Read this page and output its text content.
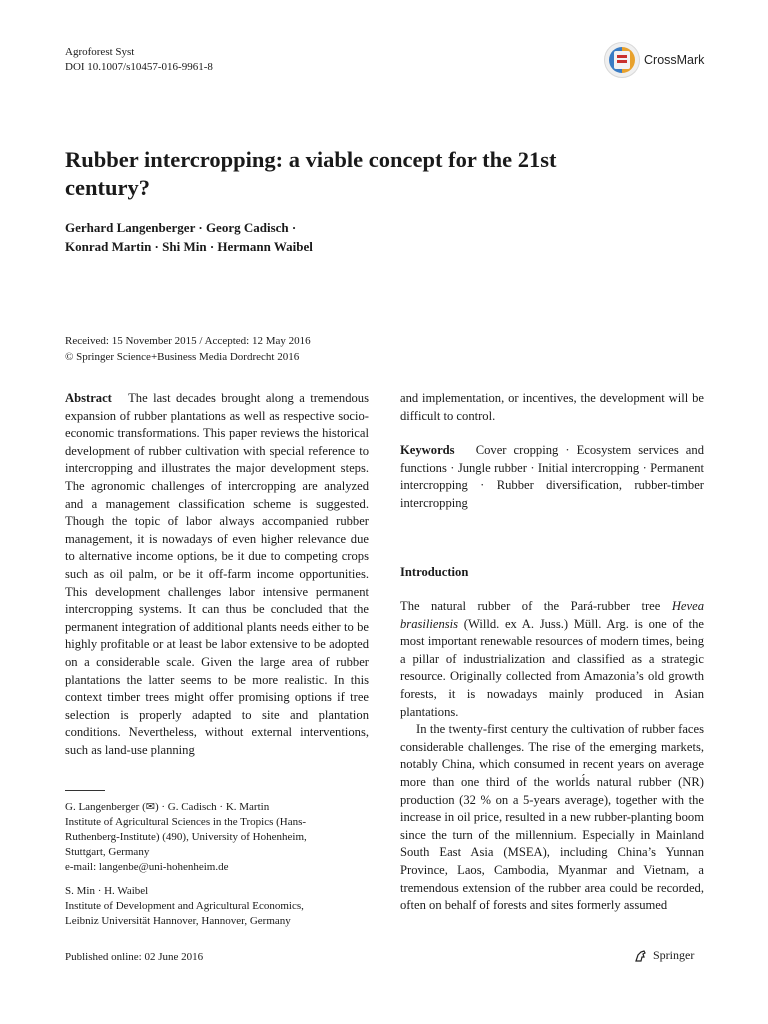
Agroforest Syst
DOI 10.1007/s10457-016-9961-8	CrossMark
Rubber intercropping: a viable concept for the 21st
century?
Gerhard Langenberger · Georg Cadisch ·
Konrad Martin · Shi Min · Hermann Waibel
Received: 15 November 2015 / Accepted: 12 May 2016
© Springer Science+Business Media Dordrecht 2016

Abstract The last decades brought along a tremendous expansion of rubber plantations as well as respective socio-economic transformations. This paper reviews the historical development of rubber cultivation with special reference to intercropping and illustrates the major development steps. The agronomic challenges of intercropping are analyzed and a management classification scheme is suggested. Though the topic of labor always accompanied rubber management, it is nowadays of even higher relevance due to alternative income options, be it due to competing crops such as oil palm, or be it off-farm income opportunities. This development challenges labor intensive permanent intercropping systems. It can thus be concluded that the permanent integration of additional plants needs either to be highly profitable or at least be labor extensive to be adopted on a considerable scale. Given the large area of rubber plantations the latter seems to be more realistic. In this context timber trees might offer promising options if tree selection is properly adapted to site and plantation conditions. Nevertheless, without external interventions, such as land-use planning

and implementation, or incentives, the development will be difficult to control.

Keywords Cover cropping · Ecosystem services and functions · Jungle rubber · Initial intercropping · Permanent intercropping · Rubber diversification, rubber-timber intercropping

Introduction

The natural rubber of the Pará-rubber tree Hevea brasiliensis (Willd. ex A. Juss.) Müll. Arg. is one of the most important renewable resources of modern times, being a pillar of industrialization and classified as a strategic resource. Originally collected from Amazonia’s old growth forests, it is nowadays mainly produced in Asian plantations.

In the twenty-first century the cultivation of rubber faces considerable challenges. The rise of the emerging markets, notably China, which consumed in recent years on average more than one third of the world́s natural rubber (NR) production (32 % on a 5-years average), together with the increase in oil price, resulted in a new rubber-planting boom since the turn of the millennium. Especially in Mainland South East Asia (MSEA), including China’s Yunnan Province, Laos, Cambodia, Myanmar and Vietnam, a tremendous extension of the rubber area could be recorded, often on behalf of forests and sites formerly assumed

G. Langenberger (✉) · G. Cadisch · K. Martin
Institute of Agricultural Sciences in the Tropics (Hans-
Ruthenberg-Institute) (490), University of Hohenheim,
Stuttgart, Germany
e-mail: langenbe@uni-hohenheim.de
S. Min · H. Waibel
Institute of Development and Agricultural Economics,
Leibniz Universität Hannover, Hannover, Germany
Published online: 02 June 2016	Springer
